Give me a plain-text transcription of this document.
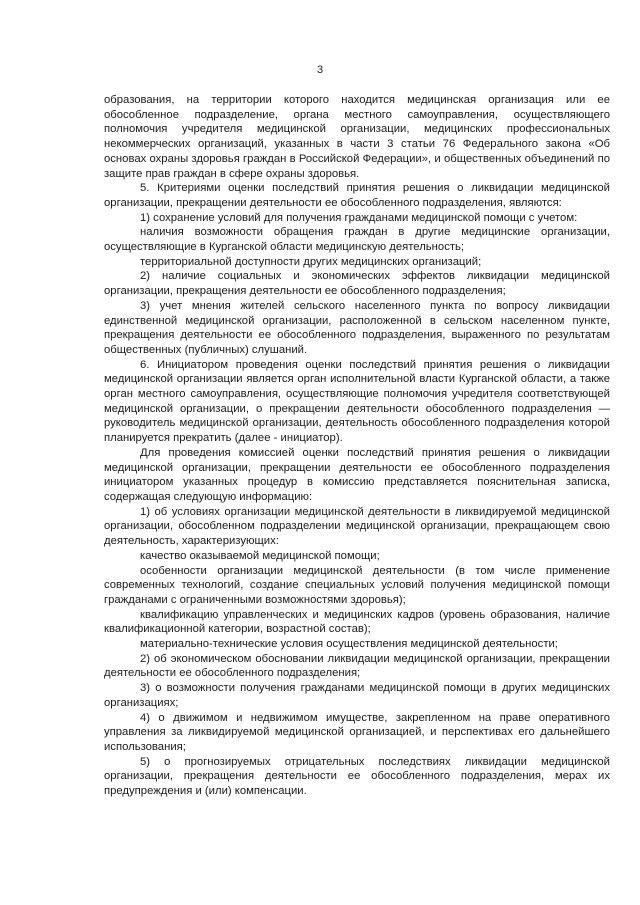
3

образования, на территории которого находится медицинская организация или ее обособленное подразделение, органа местного самоуправления, осуществляющего полномочия учредителя медицинской организации, медицинских профессиональных некоммерческих организаций, указанных в части 3 статьи 76 Федерального закона «Об основах охраны здоровья граждан в Российской Федерации», и общественных объединений по защите прав граждан в сфере охраны здоровья.

5. Критериями оценки последствий принятия решения о ликвидации медицинской организации, прекращении деятельности ее обособленного подразделения, являются:

1) сохранение условий для получения гражданами медицинской помощи с учетом:

наличия возможности обращения граждан в другие медицинские организации, осуществляющие в Курганской области медицинскую деятельность;

территориальной доступности других медицинских организаций;

2) наличие социальных и экономических эффектов ликвидации медицинской организации, прекращения деятельности ее обособленного подразделения;

3) учет мнения жителей сельского населенного пункта по вопросу ликвидации единственной медицинской организации, расположенной в сельском населенном пункте, прекращения деятельности ее обособленного подразделения, выраженного по результатам общественных (публичных) слушаний.

6. Инициатором проведения оценки последствий принятия решения о ликвидации медицинской организации является орган исполнительной власти Курганской области, а также орган местного самоуправления, осуществляющие полномочия учредителя соответствующей медицинской организации, о прекращении деятельности обособленного подразделения — руководитель медицинской организации, деятельность обособленного подразделения которой планируется прекратить (далее - инициатор).

Для проведения комиссией оценки последствий принятия решения о ликвидации медицинской организации, прекращении деятельности ее обособленного подразделения инициатором указанных процедур в комиссию представляется пояснительная записка, содержащая следующую информацию:

1) об условиях организации медицинской деятельности в ликвидируемой медицинской организации, обособленном подразделении медицинской организации, прекращающем свою деятельность, характеризующих:

качество оказываемой медицинской помощи;

особенности организации медицинской деятельности (в том числе применение современных технологий, создание специальных условий получения медицинской помощи гражданами с ограниченными возможностями здоровья);

квалификацию управленческих и медицинских кадров (уровень образования, наличие квалификационной категории, возрастной состав);

материально-технические условия осуществления медицинской деятельности;

2) об экономическом обосновании ликвидации медицинской организации, прекращении деятельности ее обособленного подразделения;

3) о возможности получения гражданами медицинской помощи в других медицинских организациях;

4) о движимом и недвижимом имуществе, закрепленном на праве оперативного управления за ликвидируемой медицинской организацией, и перспективах его дальнейшего использования;

5) о прогнозируемых отрицательных последствиях ликвидации медицинской организации, прекращения деятельности ее обособленного подразделения, мерах их предупреждения и (или) компенсации.
